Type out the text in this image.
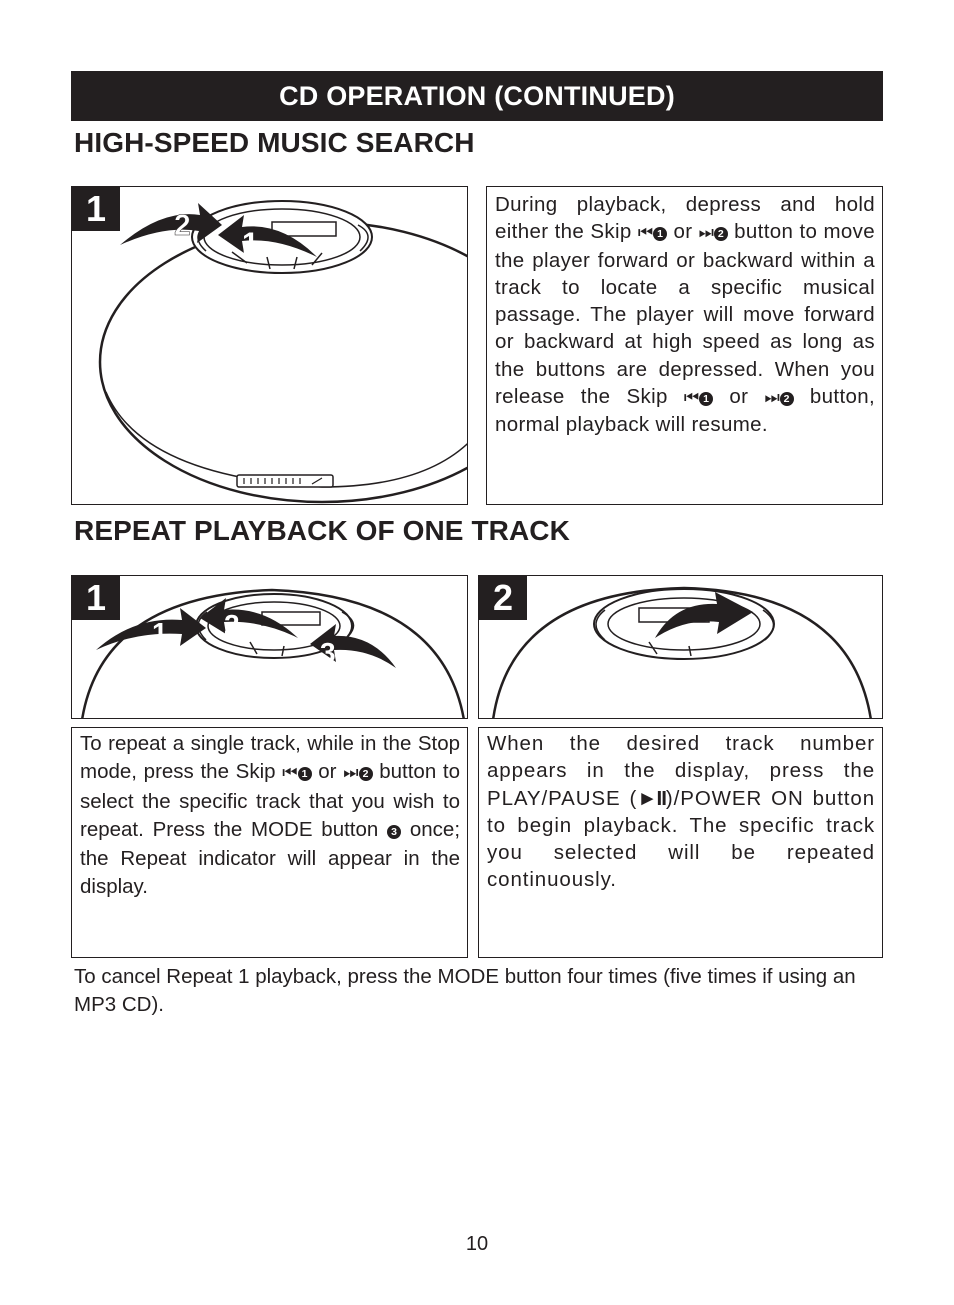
CD OPERATION (CONTINUED)
HIGH-SPEED MUSIC SEARCH
2
1
1	During playback, depress and hold either the Skip ⏮ 1 or ⏭ 2 button to move the player forward or backward within a track to locate a specific musical passage. The player will move forward or backward at high speed as long as the buttons are depressed. When you release the Skip ⏮ 1 or ⏭ 2 button, normal playback will resume.

REPEAT PLAYBACK OF ONE TRACK
1 2
3
1	2

To repeat a single track, while in the Stop mode, press the Skip ⏮ 1 or ⏭ 2 button to select the specific track that you wish to repeat. Press the MODE button 3 once; the Repeat indicator will appear in the display.

When the desired track number appears in the display, press the PLAY/PAUSE (►II)/POWER ON button to begin playback. The specific track you selected will be repeated continuously.

To cancel Repeat 1 playback, press the MODE button four times (five times if using an MP3 CD).
10
